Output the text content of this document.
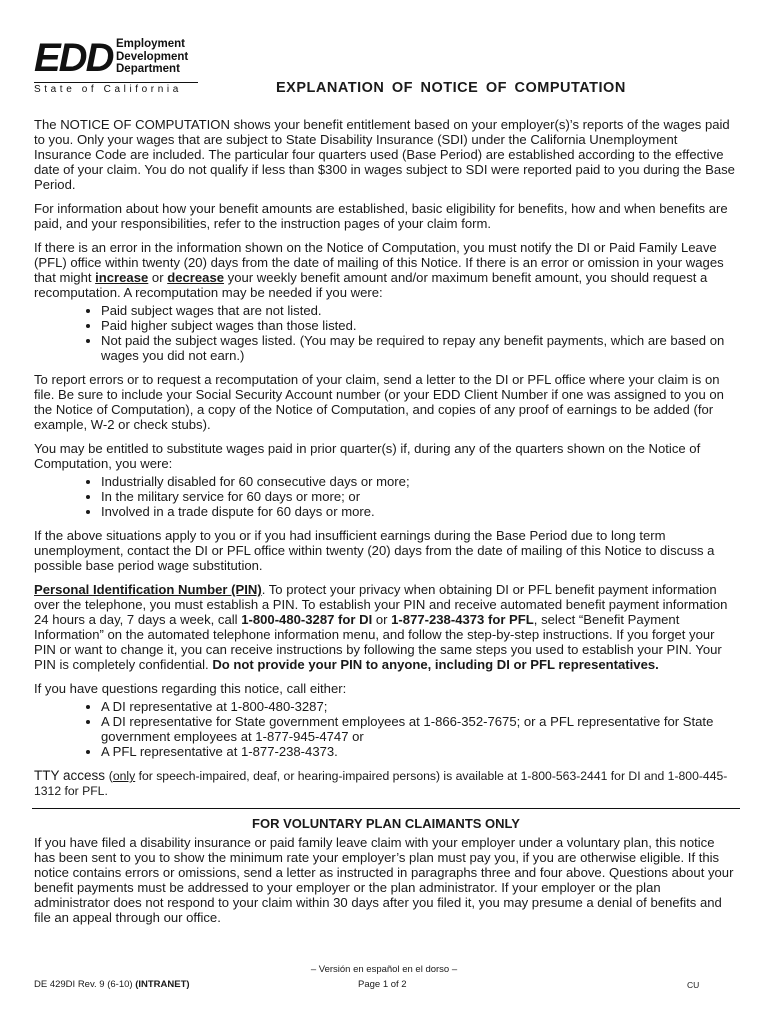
EDD Employment
Development
Department
State of California	EXPLANATION OF NOTICE OF COMPUTATION

The NOTICE OF COMPUTATION shows your benefit entitlement based on your employer(s)’s reports of the wages paid to you. Only your wages that are subject to State Disability Insurance (SDI) under the California Unemployment Insurance Code are included. The particular four quarters used (Base Period) are established according to the effective date of your claim. You do not qualify if less than $300 in wages subject to SDI were reported paid to you during the Base Period.

For information about how your benefit amounts are established, basic eligibility for benefits, how and when benefits are paid, and your responsibilities, refer to the instruction pages of your claim form.

If there is an error in the information shown on the Notice of Computation, you must notify the DI or Paid Family Leave (PFL) office within twenty (20) days from the date of mailing of this Notice. If there is an error or omission in your wages that might increase or decrease your weekly benefit amount and/or maximum benefit amount, you should request a recomputation. A recomputation may be needed if you were:

• Paid subject wages that are not listed.
• Paid higher subject wages than those listed.
• Not paid the subject wages listed. (You may be required to repay any benefit payments, which are based on wages you did not earn.)

To report errors or to request a recomputation of your claim, send a letter to the DI or PFL office where your claim is on file. Be sure to include your Social Security Account number (or your EDD Client Number if one was assigned to you on the Notice of Computation), a copy of the Notice of Computation, and copies of any proof of earnings to be added (for example, W-2 or check stubs).

You may be entitled to substitute wages paid in prior quarter(s) if, during any of the quarters shown on the Notice of Computation, you were:

• Industrially disabled for 60 consecutive days or more;
• In the military service for 60 days or more; or
• Involved in a trade dispute for 60 days or more.

If the above situations apply to you or if you had insufficient earnings during the Base Period due to long term unemployment, contact the DI or PFL office within twenty (20) days from the date of mailing of this Notice to discuss a possible base period wage substitution.

Personal Identification Number (PIN). To protect your privacy when obtaining DI or PFL benefit payment information over the telephone, you must establish a PIN. To establish your PIN and receive automated benefit payment information 24 hours a day, 7 days a week, call 1-800-480-3287 for DI or 1-877-238-4373 for PFL, select “Benefit Payment Information” on the automated telephone information menu, and follow the step-by-step instructions. If you forget your PIN or want to change it, you can receive instructions by following the same steps you used to establish your PIN. Your PIN is completely confidential. Do not provide your PIN to anyone, including DI or PFL representatives.

If you have questions regarding this notice, call either:

• A DI representative at 1-800-480-3287;
• A DI representative for State government employees at 1-866-352-7675; or a PFL representative for State government employees at 1-877-945-4747 or
• A PFL representative at 1-877-238-4373.

TTY access (only for speech-impaired, deaf, or hearing-impaired persons) is available at 1-800-563-2441 for DI and 1-800-445-1312 for PFL.

FOR VOLUNTARY PLAN CLAIMANTS ONLY

If you have filed a disability insurance or paid family leave claim with your employer under a voluntary plan, this notice has been sent to you to show the minimum rate your employer’s plan must pay you, if you are otherwise eligible. If this notice contains errors or omissions, send a letter as instructed in paragraphs three and four above. Questions about your benefit payments must be addressed to your employer or the plan administrator. If your employer or the plan administrator does not respond to your claim within 30 days after you filed it, you may presume a denial of benefits and file an appeal through our office.

– Versión en español en el dorso –
DE 429DI Rev. 9 (6-10) (INTRANET)	Page 1 of 2	CU
